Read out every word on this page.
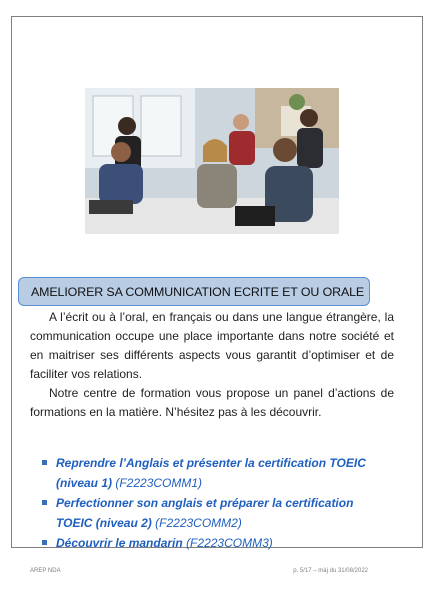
AMELIORER SA COMMUNICATION ECRITE ET OU ORALE

A l’écrit ou à l’oral, en français ou dans une langue étrangère, la communication occupe une place importante dans notre société et en maitriser ses différents aspects vous garantit d’optimiser et de faciliter vos relations.

Notre centre de formation vous propose un panel d’actions de formations en la matière. N’hésitez pas à les découvrir.

Reprendre l’Anglais et présenter la certification TOEIC (niveau 1) (F2223COMM1)
Perfectionner son anglais et préparer la certification TOEIC (niveau 2) (F2223COMM2)
Découvrir le mandarin (F2223COMM3)
AREP NDA	p. 5/17 – màj du 31/08/2022
